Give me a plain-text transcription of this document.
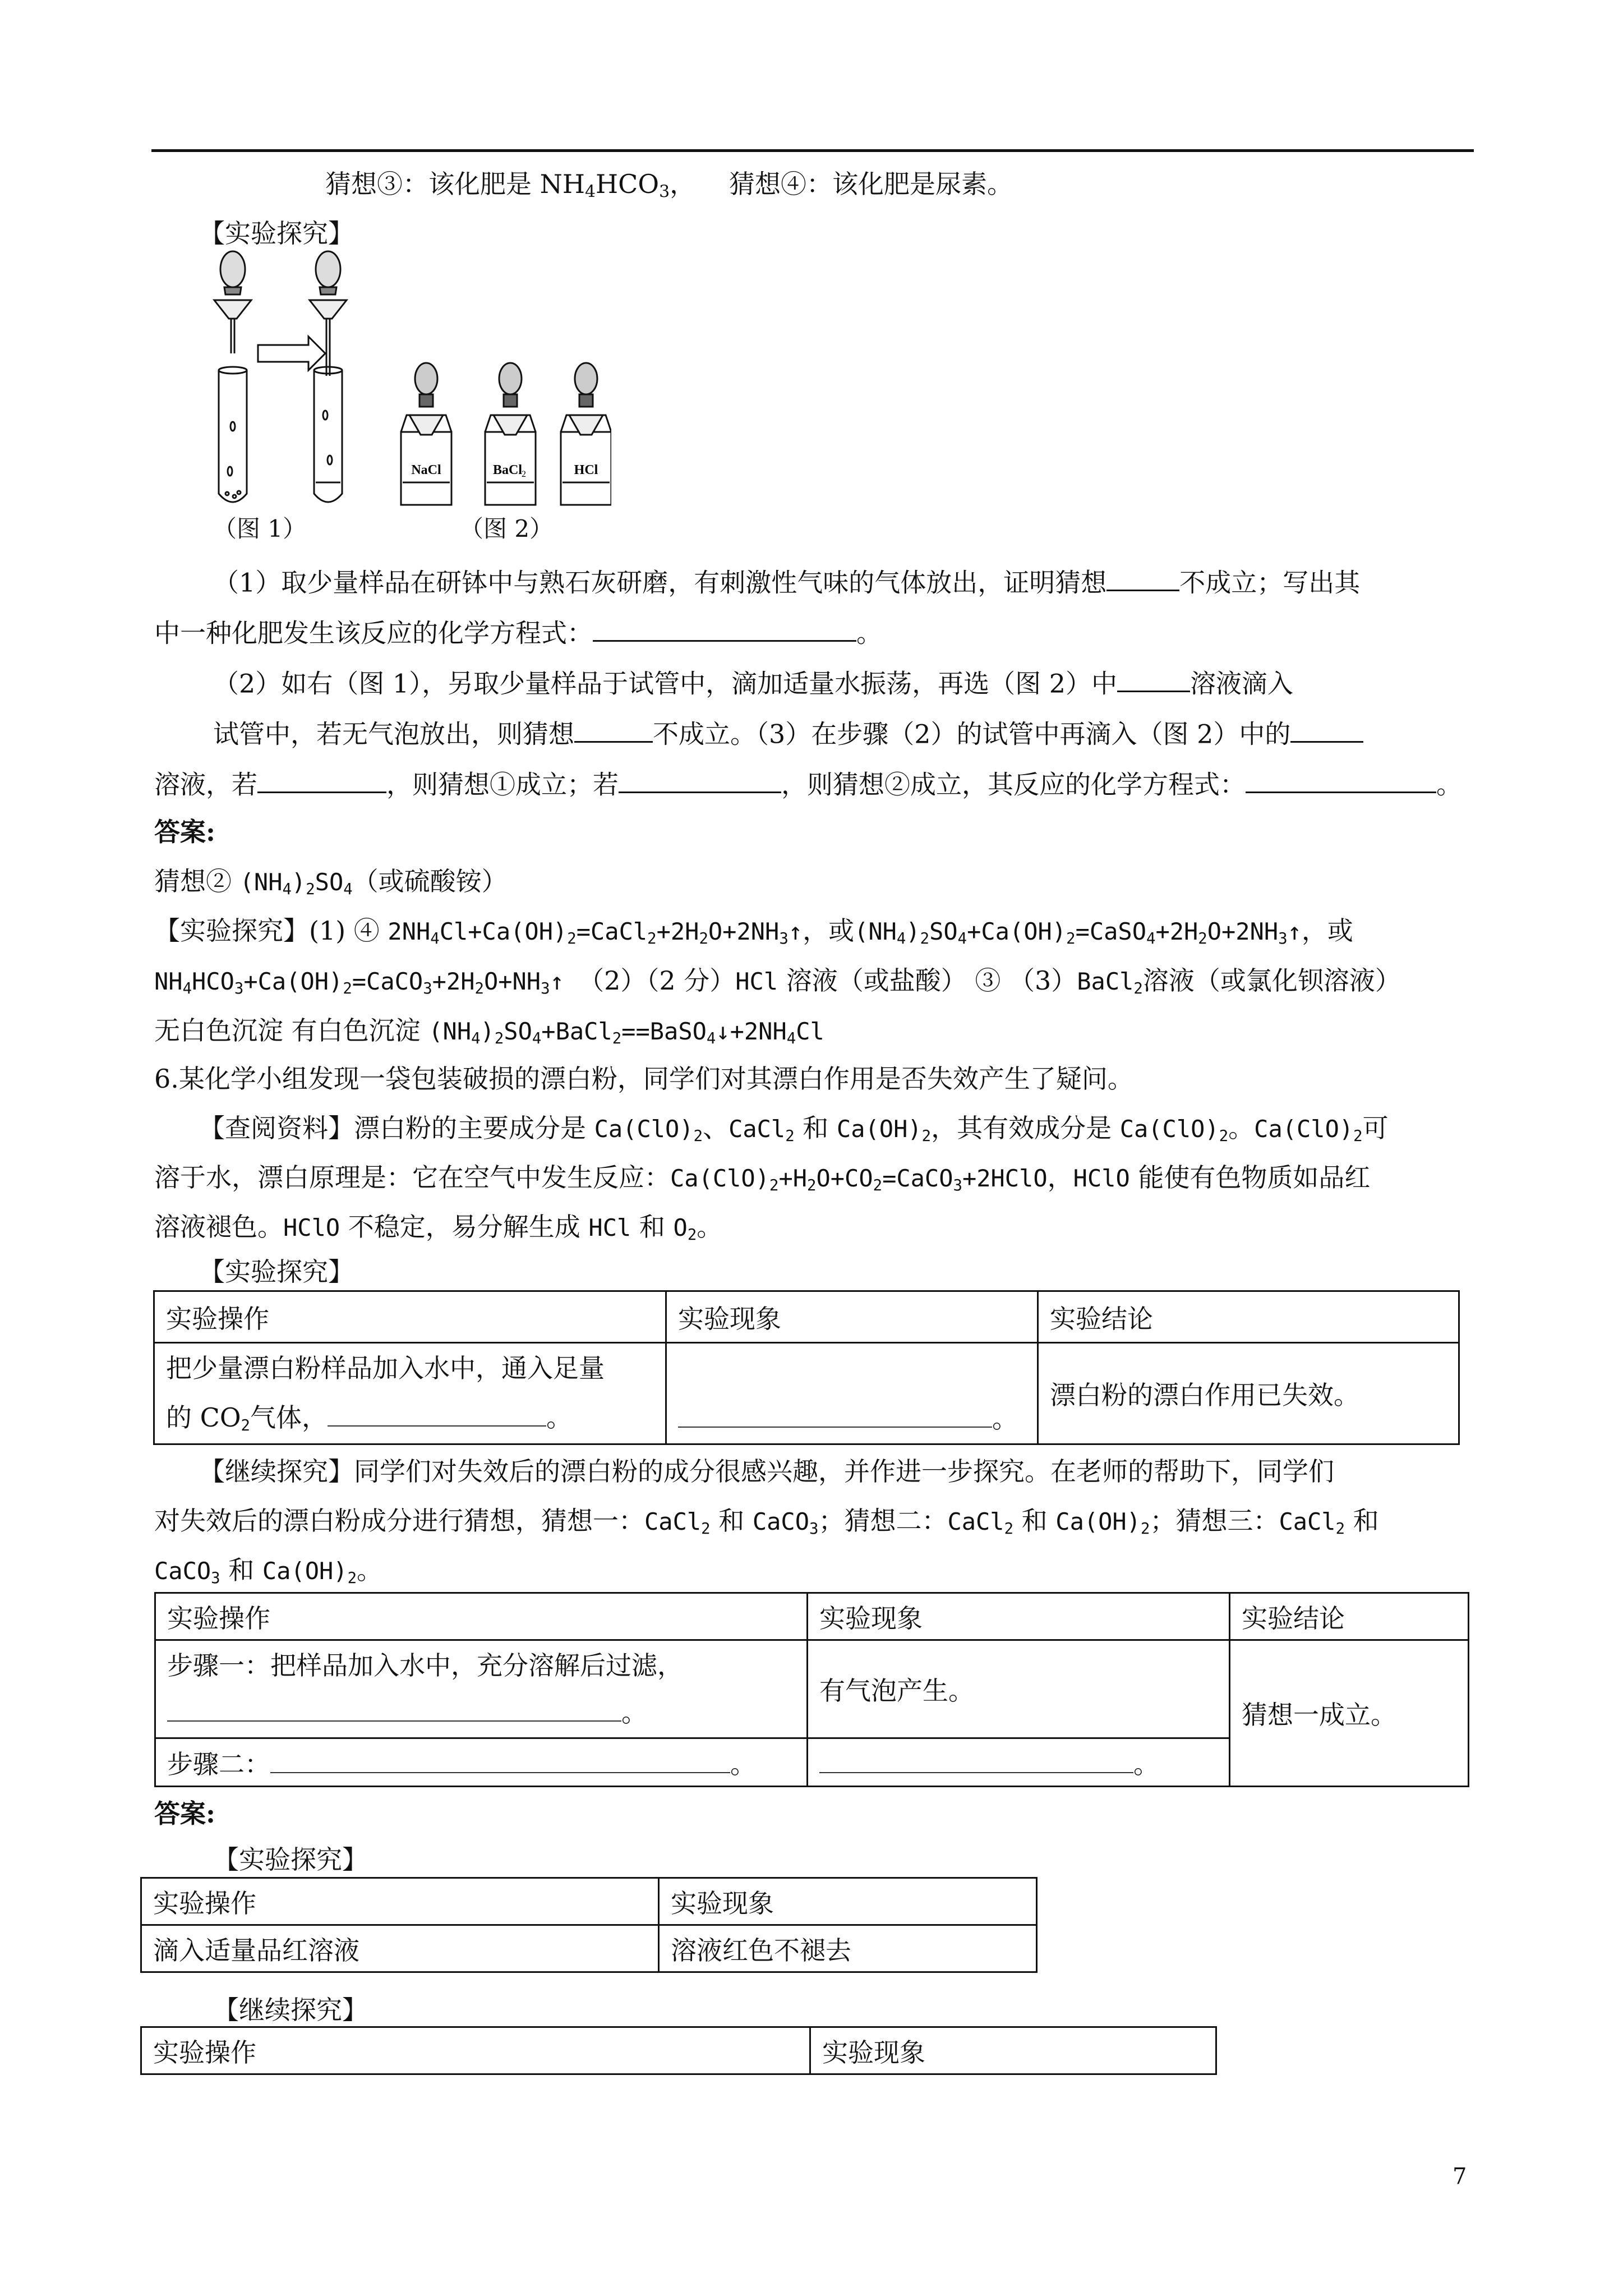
猜想③：该化肥是 $NH_4HCO_3$， 猜想④：该化肥是尿素。
【实验探究】
NaCl	BaCl
2	HCl
（图 1）	（图 2）
（1）取少量样品在研钵中与熟石灰研磨，有刺激性气味的气体放出，证明猜想	不成立；写出其
中一种化肥发生该反应的化学方程式：	。
（2）如右（图 1），另取少量样品于试管中，滴加适量水振荡，再选（图 2）中	溶液滴入
试管中，若无气泡放出，则猜想	不成立。（3）在步骤（2）的试管中再滴入（图 2）中的
溶液，若	，则猜想①成立；若	，则猜想②成立，其反应的化学方程式：	。
答案:
猜想② $(NH_4)_2SO_4$（或硫酸铵）
【实验探究】(1) ④ $2NH_4Cl+Ca(OH)_2=CaCl_2+2H_2O+2NH_3↑$，或$(NH_4)_2SO_4+Ca(OH)_2=CaSO_4+2H_2O+2NH_3↑$，或
$NH_4HCO_3+Ca(OH)_2=CaCO_3+2H_2O+NH_3↑$ （2）（2 分）HCl 溶液（或盐酸） ③ （3）BaCl$_2$溶液（或氯化钡溶液）
无白色沉淀 有白色沉淀 $(NH_4)_2SO_4+BaCl_2==BaSO_4↓+2NH_4Cl$
6.某化学小组发现一袋包装破损的漂白粉，同学们对其漂白作用是否失效产生了疑问。
【查阅资料】漂白粉的主要成分是 $Ca(ClO)_2$、CaCl$_2$ 和 $Ca(OH)_2$，其有效成分是 $Ca(ClO)_2$。$Ca(ClO)_2$可
溶于水，漂白原理是：它在空气中发生反应：$Ca(ClO)_2+H_2O+CO_2=CaCO_3+2HClO$，HClO 能使有色物质如品红
溶液褪色。HClO 不稳定，易分解生成 HCl 和 $O_2$。
【实验探究】
实验操作	实验现象	实验结论

把少量漂白粉样品加入水中，通入足量
的 $CO_2$气体， 。	。	漂白粉的漂白作用已失效。
【继续探究】同学们对失效后的漂白粉的成分很感兴趣，并作进一步探究。在老师的帮助下，同学们
对失效后的漂白粉成分进行猜想，猜想一：CaCl$_2$ 和 CaCO$_3$；猜想二：CaCl$_2$ 和 $Ca(OH)_2$；猜想三：CaCl$_2$ 和
CaCO$_3$ 和 $Ca(OH)_2$。
实验操作	实验现象	实验结论

步骤一：把样品加入水中，充分溶解后过滤，
。	有气泡产生。	猜想一成立。
步骤二： 。	。	
答案:
【实验探究】
实验操作	实验现象
滴入适量品红溶液	溶液红色不褪去
【继续探究】
实验操作	实验现象
7
